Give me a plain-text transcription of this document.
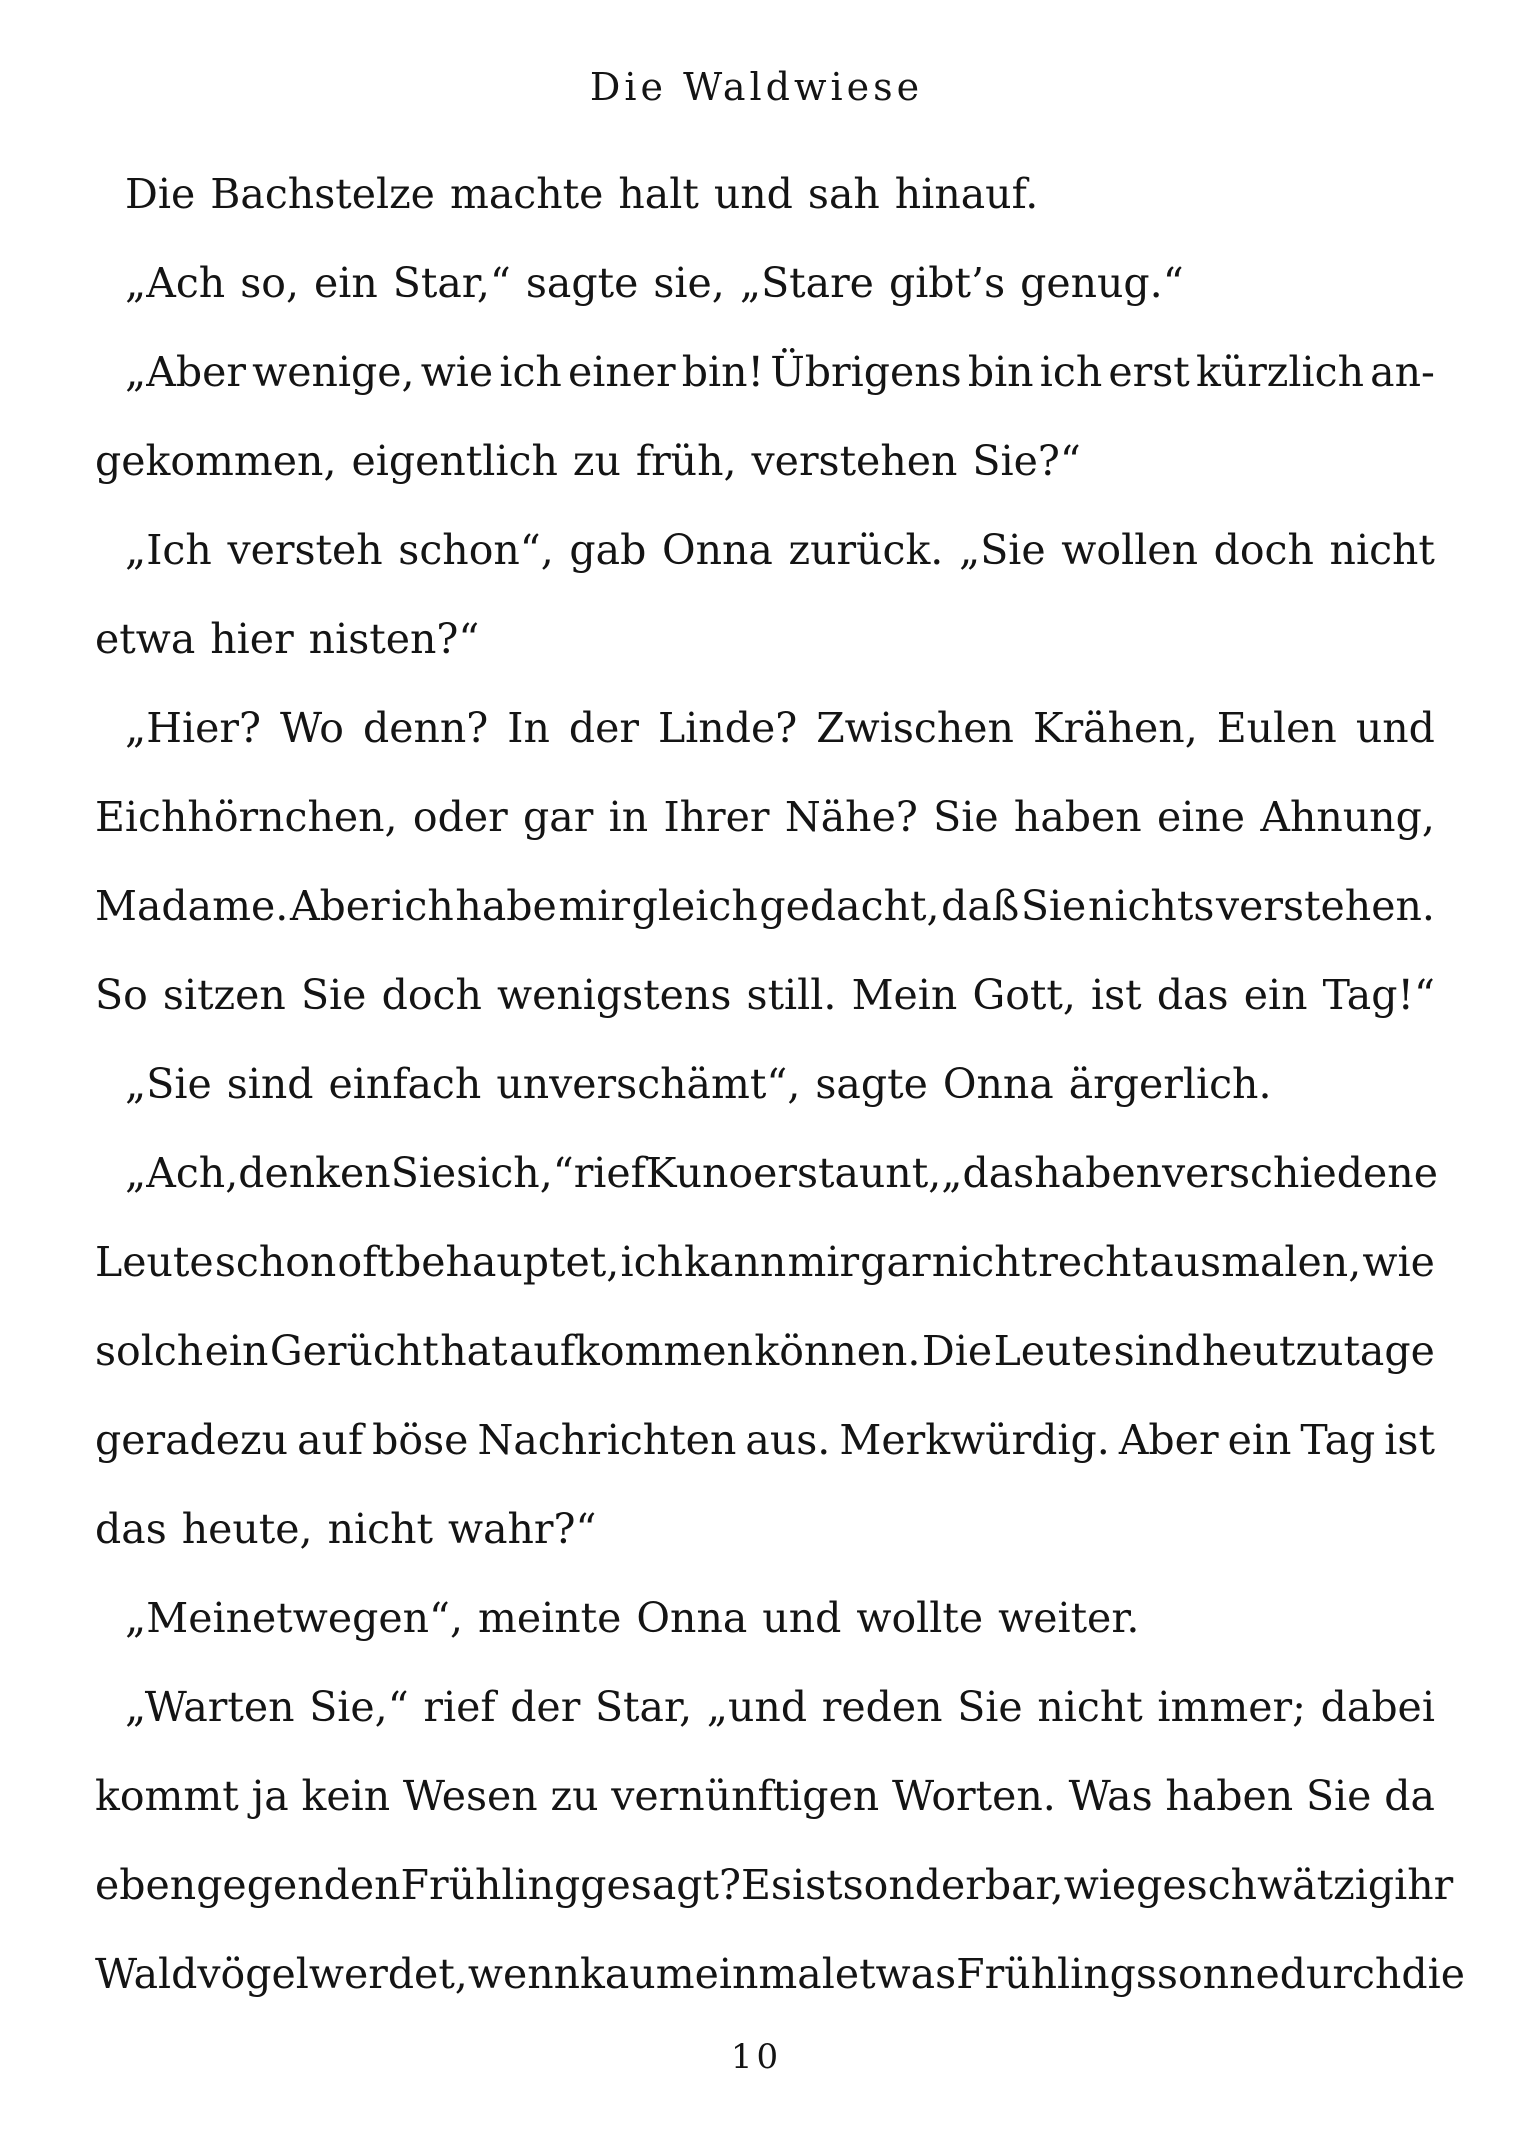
Die Waldwiese
Die Bachstelze machte halt und sah hinauf.
„Ach so, ein Star,“ sagte sie, „Stare gibt’s genug.“
„Aber wenige, wie ich einer bin! Übrigens bin ich erst kürzlich an-
gekommen, eigentlich zu früh, verstehen Sie?“
„Ich versteh schon“, gab Onna zurück. „Sie wollen doch nicht
etwa hier nisten?“
„Hier? Wo denn? In der Linde? Zwischen Krähen, Eulen und
Eichhörnchen, oder gar in Ihrer Nähe? Sie haben eine Ahnung,
Madame. Aber ich habe mir gleich gedacht, daß Sie nichts verstehen.
So sitzen Sie doch wenigstens still. Mein Gott, ist das ein Tag!“
„Sie sind einfach unverschämt“, sagte Onna ärgerlich.
„Ach, denken Sie sich,“ rief Kuno erstaunt, „das haben verschiedene
Leute schon oft behauptet, ich kann mir gar nicht recht ausmalen, wie
solch ein Gerücht hat aufkommen können. Die Leute sind heutzutage
geradezu auf böse Nachrichten aus. Merkwürdig. Aber ein Tag ist
das heute, nicht wahr?“
„Meinetwegen“, meinte Onna und wollte weiter.
„Warten Sie,“ rief der Star, „und reden Sie nicht immer; dabei
kommt ja kein Wesen zu vernünftigen Worten. Was haben Sie da
eben gegen den Frühling gesagt? Es ist sonderbar, wie geschwätzig ihr
Waldvögel werdet, wenn kaum einmal etwas Frühlingssonne durch die
10
